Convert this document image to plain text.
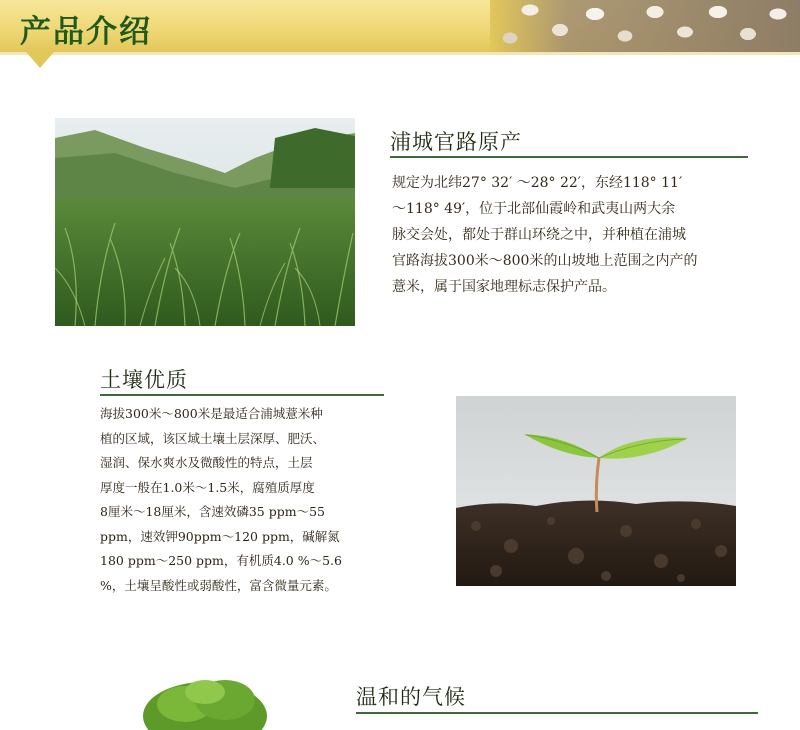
产品介绍
浦城官路原产

规定为北纬27° 32′ ～28° 22′，东经118° 11′
～118° 49′，位于北部仙霞岭和武夷山两大余
脉交会处，都处于群山环绕之中，并种植在浦城
官路海拔300米～800米的山坡地上范围之内产的
薏米，属于国家地理标志保护产品。

土壤优质

海拔300米～800米是最适合浦城薏米种
植的区域，该区域土壤土层深厚、肥沃、
湿润、保水爽水及微酸性的特点，土层
厚度一般在1.0米～1.5米，腐殖质厚度
8厘米～18厘米，含速效磷35 ppm～55
ppm，速效钾90ppm～120 ppm，碱解氮
180 ppm～250 ppm，有机质4.0 %～5.6
%，土壤呈酸性或弱酸性，富含微量元素。

温和的气候
